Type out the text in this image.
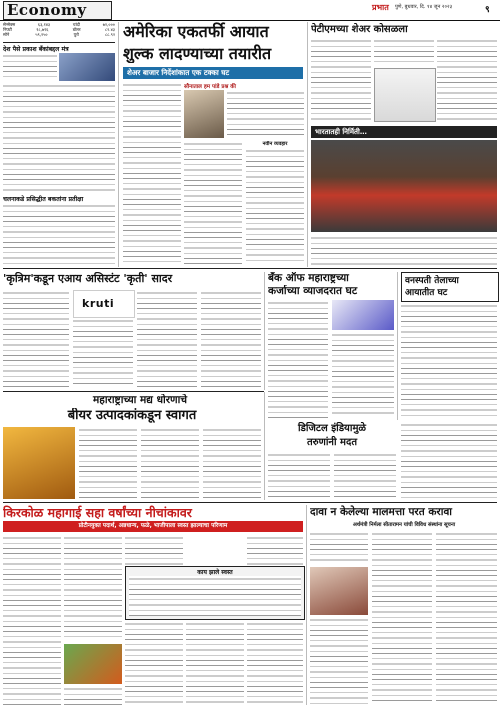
Economy	प्रभात पुणे, बुधवार, दि. १४ जून २०२३	९
सेन्सेक्स	६३,१४३	चांदी	७२,०००
निफ्टी	१८,७१६	डॉलर	८२.४३
सोने	५९,२५०	युरो	८८.९२
देश पैसे प्रकाश बँकांबद्दल मंत्र
चलनाकडे प्रसिद्धीत बकतांना प्रतीक्षा
अमेरिका एकतर्फी आयात
शुल्क लादण्याच्या तयारीत
शेअर बाजार निर्देशांकात एक टक्का घट
सौनाताल हम पांडे प्रश्न की
नवीन व्यवहार
पेटीएमच्या शेअर कोसळला
भारतातही निर्मिती…
'कृत्रिम'कडून एआय असिस्टंट 'कृती' सादर
kruti
बँक ऑफ महाराष्ट्रच्या
कर्जाच्या व्याजदरात घट
वनस्पती तेलाच्या
आयातीत घट
महाराष्ट्राच्या मद्य धोरणाचे
बीयर उत्पादकांकडून स्वागत
डिजिटल इंडियामुळे
तरुणांनी मदत
किरकोळ महागाई सहा वर्षांच्या नीचांकावर
प्रोटीनयुक्त पदार्थ, अन्नधान्य, फळे, भाजीपाला स्वस्त झाल्याचा परिणाम
काय झाले स्वस्त
दावा न केलेल्या मालमत्ता परत करावा
अर्थमंत्री निर्मला सीतारामन यांची विविध संस्थांना सूचना
